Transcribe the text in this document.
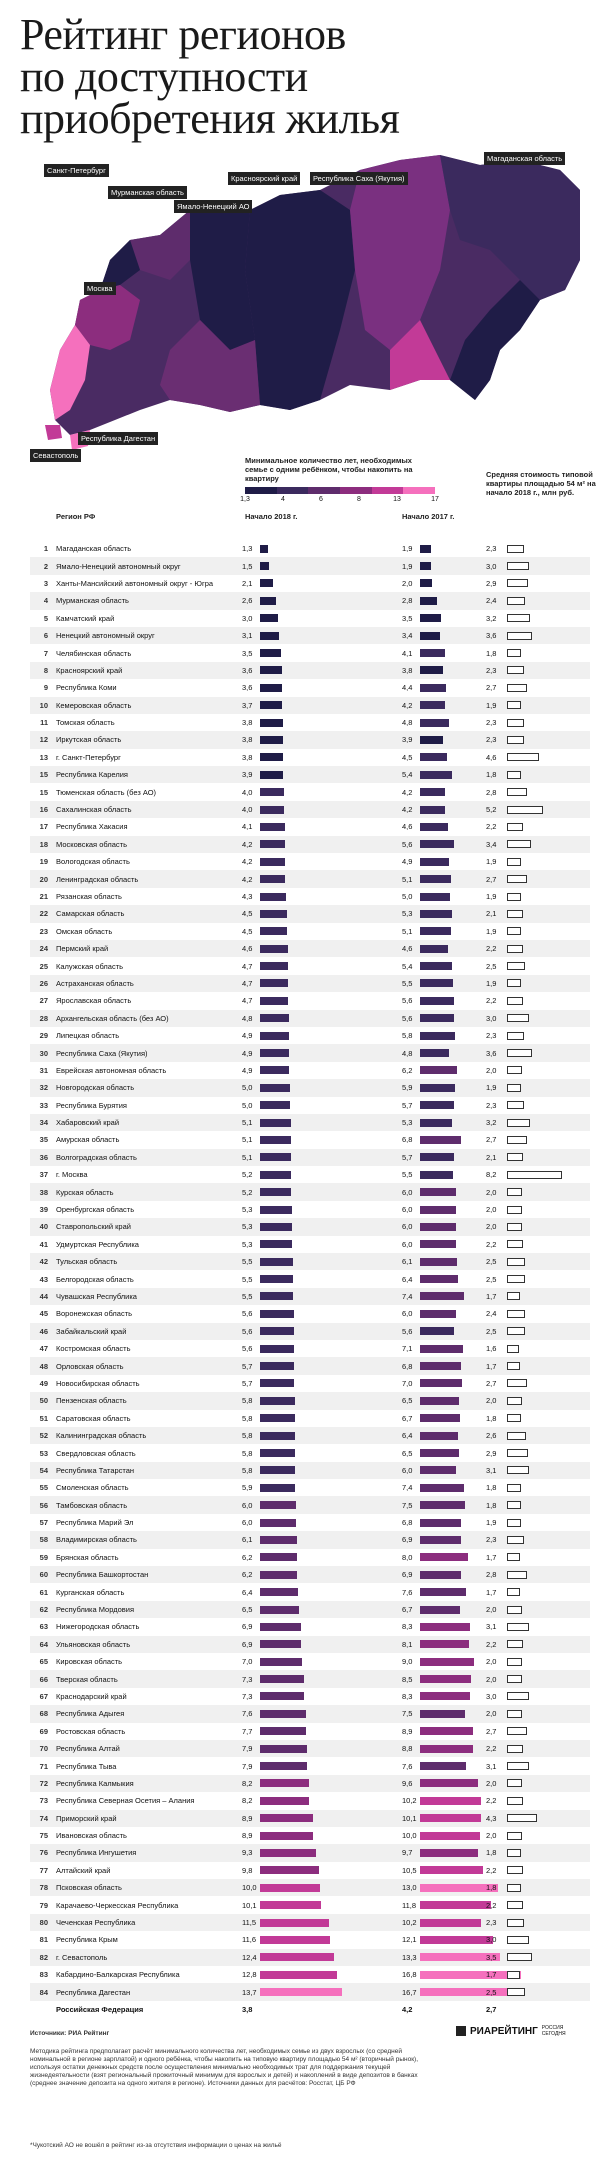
Рейтинг регионов
по доступности
приобретения жилья
Санкт-Петербург
Мурманская область
Ямало-Ненецкий АО
Красноярский край	Республика Саха (Якутия)
Магаданская область
Москва
Республика Дагестан
Севастополь
Минимальное количество лет, необходимых семье с одним ребёнком, чтобы накопить на квартиру
1,3	4	6	8	13	17
Регион РФ	Начало 2018 г.	Начало 2017 г.
Средняя стоимость типовой квартиры площадью 54 м² на начало 2018 г., млн руб.
1	Магаданская область	1,3	1,9	2,3
2	Ямало-Ненецкий автономный округ	1,5	1,9	3,0
3	Ханты-Мансийский автономный округ - Югра	2,1	2,0	2,9
4	Мурманская область	2,6	2,8	2,4
5	Камчатский край	3,0	3,5	3,2
6	Ненецкий автономный округ	3,1	3,4	3,6
7	Челябинская область	3,5	4,1	1,8
8	Красноярский край	3,6	3,8	2,3
9	Республика Коми	3,6	4,4	2,7
10	Кемеровская область	3,7	4,2	1,9
11	Томская область	3,8	4,8	2,3
12	Иркутская область	3,8	3,9	2,3
13	г. Санкт-Петербург	3,8	4,5	4,6
15	Республика Карелия	3,9	5,4	1,8
15	Тюменская область (без АО)	4,0	4,2	2,8
16	Сахалинская область	4,0	4,2	5,2
17	Республика Хакасия	4,1	4,6	2,2
18	Московская область	4,2	5,6	3,4
19	Вологодская область	4,2	4,9	1,9
20	Ленинградская область	4,2	5,1	2,7
21	Рязанская область	4,3	5,0	1,9
22	Самарская область	4,5	5,3	2,1
23	Омская область	4,5	5,1	1,9
24	Пермский край	4,6	4,6	2,2
25	Калужская область	4,7	5,4	2,5
26	Астраханская область	4,7	5,5	1,9
27	Ярославская область	4,7	5,6	2,2
28	Архангельская область (без АО)	4,8	5,6	3,0
29	Липецкая область	4,9	5,8	2,3
30	Республика Саха (Якутия)	4,9	4,8	3,6
31	Еврейская автономная область	4,9	6,2	2,0
32	Новгородская область	5,0	5,9	1,9
33	Республика Бурятия	5,0	5,7	2,3
34	Хабаровский край	5,1	5,3	3,2
35	Амурская область	5,1	6,8	2,7
36	Волгоградская область	5,1	5,7	2,1
37	г. Москва	5,2	5,5	8,2
38	Курская область	5,2	6,0	2,0
39	Оренбургская область	5,3	6,0	2,0
40	Ставропольский край	5,3	6,0	2,0
41	Удмуртская Республика	5,3	6,0	2,2
42	Тульская область	5,5	6,1	2,5
43	Белгородская область	5,5	6,4	2,5
44	Чувашская Республика	5,5	7,4	1,7
45	Воронежская область	5,6	6,0	2,4
46	Забайкальский край	5,6	5,6	2,5
47	Костромская область	5,6	7,1	1,6
48	Орловская область	5,7	6,8	1,7
49	Новосибирская область	5,7	7,0	2,7
50	Пензенская область	5,8	6,5	2,0
51	Саратовская область	5,8	6,7	1,8
52	Калининградская область	5,8	6,4	2,6
53	Свердловская область	5,8	6,5	2,9
54	Республика Татарстан	5,8	6,0	3,1
55	Смоленская область	5,9	7,4	1,8
56	Тамбовская область	6,0	7,5	1,8
57	Республика Марий Эл	6,0	6,8	1,9
58	Владимирская область	6,1	6,9	2,3
59	Брянская область	6,2	8,0	1,7
60	Республика Башкортостан	6,2	6,9	2,8
61	Курганская область	6,4	7,6	1,7
62	Республика Мордовия	6,5	6,7	2,0
63	Нижегородская область	6,9	8,3	3,1
64	Ульяновская область	6,9	8,1	2,2
65	Кировская область	7,0	9,0	2,0
66	Тверская область	7,3	8,5	2,0
67	Краснодарский край	7,3	8,3	3,0
68	Республика Адыгея	7,6	7,5	2,0
69	Ростовская область	7,7	8,9	2,7
70	Республика Алтай	7,9	8,8	2,2
71	Республика Тыва	7,9	7,6	3,1
72	Республика Калмыкия	8,2	9,6	2,0
73	Республика Северная Осетия – Алания	8,2	10,2	2,2
74	Приморский край	8,9	10,1	4,3
75	Ивановская область	8,9	10,0	2,0
76	Республика Ингушетия	9,3	9,7	1,8
77	Алтайский край	9,8	10,5	2,2
78	Псковская область	10,0	13,0	1,8
79	Карачаево-Черкесская Республика	10,1	11,8	2,2
80	Чеченская Республика	11,5	10,2	2,3
81	Республика Крым	11,6	12,1	3,0
82	г. Севастополь	12,4	13,3	3,5
83	Кабардино-Балкарская Республика	12,8	16,8	1,7
84	Республика Дагестан	13,7	16,7	2,5
Российская Федерация	3,8	4,2	2,7
Источники: РИА Рейтинг
Методика рейтинга предполагает расчёт минимального количества лет, необходимых семье из двух взрослых (со средней номинальной в регионе зарплатой) и одного ребёнка, чтобы накопить на типовую квартиру площадью 54 м² (вторичный рынок), используя остатки денежных средств после осуществления минимально необходимых трат для поддержания текущей жизнедеятельности (взят региональный прожиточный минимум для взрослых и детей) и накоплений в виде депозитов в банках (среднее значение депозита на одного жителя в регионе). Источники данных для расчётов: Росстат, ЦБ РФ
*Чукотский АО не вошёл в рейтинг из-за отсутствия информации о ценах на жильё
РИАРЕЙТИНГ РОССИЯ СЕГОДНЯ
